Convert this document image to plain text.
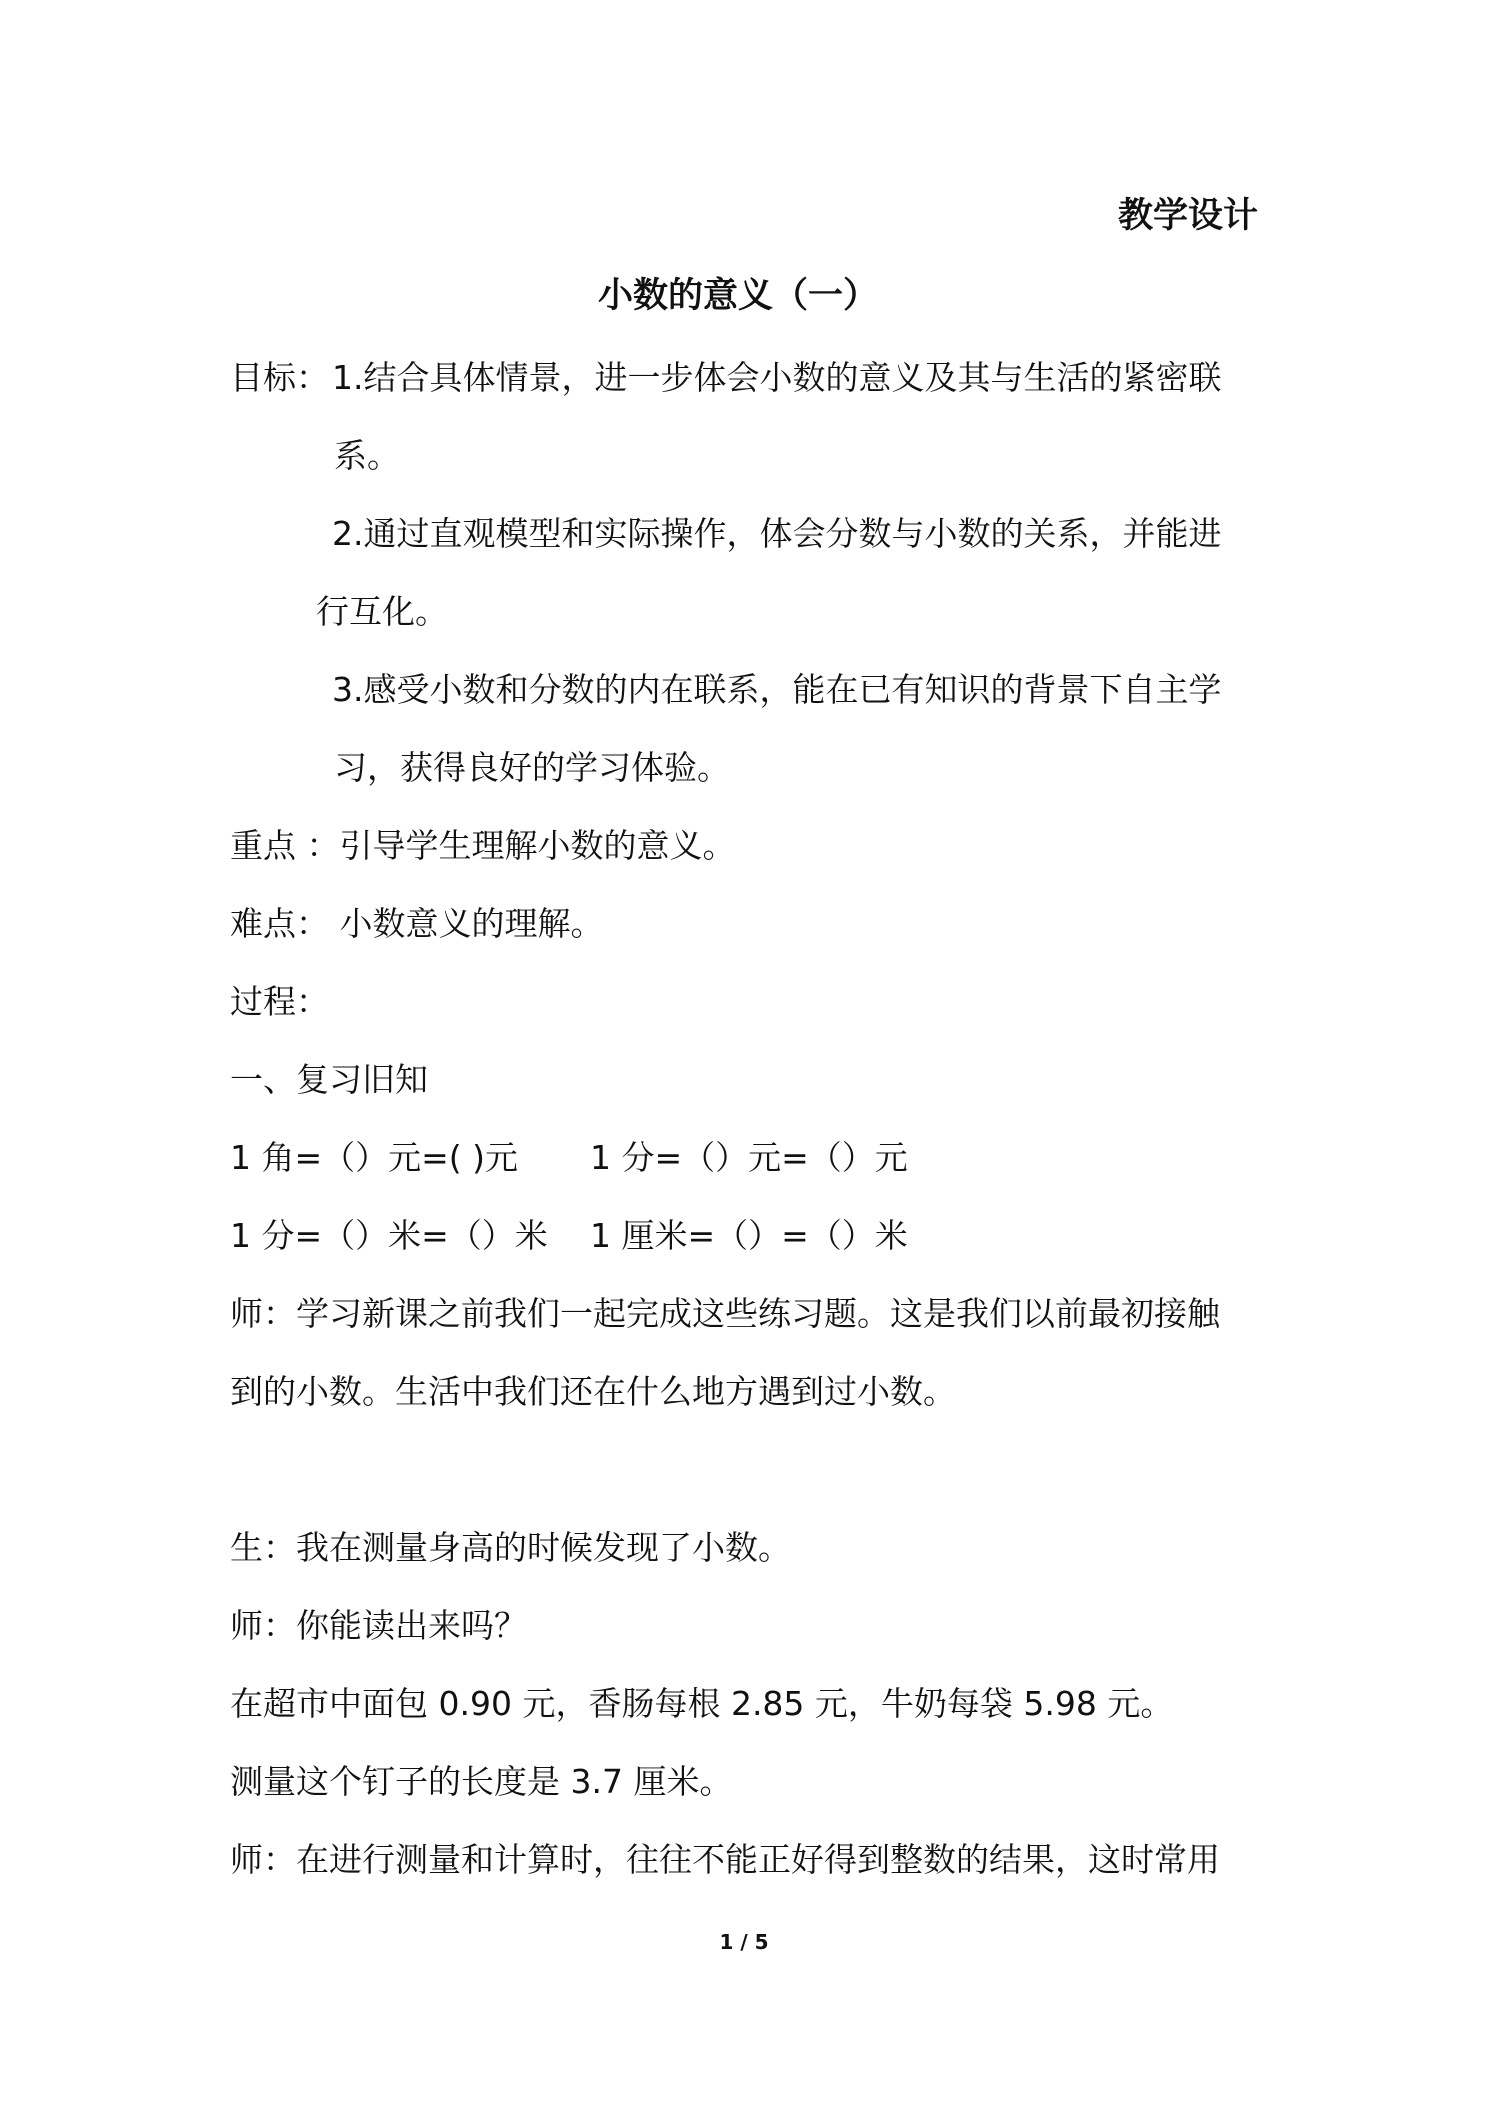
教学设计
小数的意义（一）
目标： 1.结合具体情景，进一步体会小数的意义及其与生活的紧密联
系。
2.通过直观模型和实际操作，体会分数与小数的关系，并能进
行互化。
3.感受小数和分数的内在联系，能在已有知识的背景下自主学
习，获得良好的学习体验。
重点 ：引导学生理解小数的意义。
难点： 小数意义的理解。
过程：
一、复习旧知
1 角=（）元=( )元 1 分=（）元=（）元
1 分=（）米=（）米 1 厘米=（）=（）米
师：学习新课之前我们一起完成这些练习题。这是我们以前最初接触
到的小数。生活中我们还在什么地方遇到过小数。
生：我在测量身高的时候发现了小数。
师：你能读出来吗？
在超市中面包 0.90 元，香肠每根 2.85 元，牛奶每袋 5.98 元。
测量这个钉子的长度是 3.7 厘米。
师：在进行测量和计算时，往往不能正好得到整数的结果，这时常用
1 / 5
